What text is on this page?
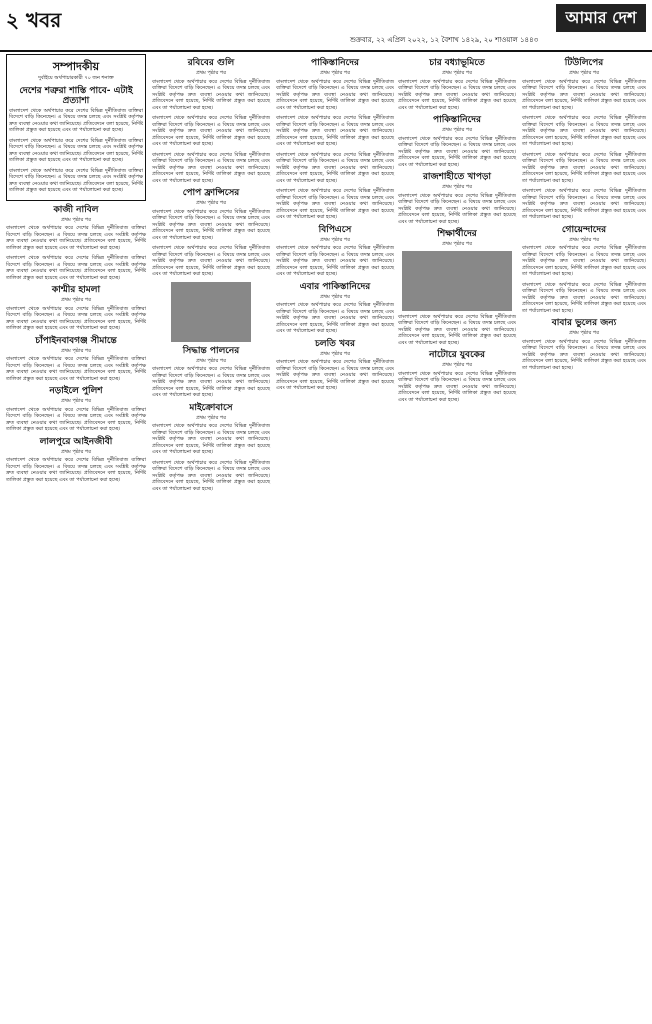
২ খবর
শুক্রবার, ২২ এপ্রিল ২০২২, ১২ বৈশাখ ১৪২৯, ২০ শাওয়াল ১৪৪৩
আমার দেশ
সম্পাদকীয়
দুর্বাইয়ে অর্থপাচারকারী ৭০ জন শনাক্ত
দেশের শত্রুরা শাস্তি পাবে- এটাই প্রত্যাশা

বাংলাদেশ থেকে অর্থপাচার করে দেশের বিভিন্ন দুর্নীতিবাজ ব্যক্তিরা বিদেশে বাড়ি কিনেছেন। এ বিষয়ে তদন্ত চলছে এবং সংশ্লিষ্ট কর্তৃপক্ষ দ্রুত ব্যবস্থা নেওয়ার কথা জানিয়েছে। প্রতিবেদনে বলা হয়েছে, নির্দিষ্ট তালিকা প্রস্তুত করা হয়েছে এবং তা পর্যালোচনা করা হচ্ছে।

বাংলাদেশ থেকে অর্থপাচার করে দেশের বিভিন্ন দুর্নীতিবাজ ব্যক্তিরা বিদেশে বাড়ি কিনেছেন। এ বিষয়ে তদন্ত চলছে এবং সংশ্লিষ্ট কর্তৃপক্ষ দ্রুত ব্যবস্থা নেওয়ার কথা জানিয়েছে। প্রতিবেদনে বলা হয়েছে, নির্দিষ্ট তালিকা প্রস্তুত করা হয়েছে এবং তা পর্যালোচনা করা হচ্ছে।

বাংলাদেশ থেকে অর্থপাচার করে দেশের বিভিন্ন দুর্নীতিবাজ ব্যক্তিরা বিদেশে বাড়ি কিনেছেন। এ বিষয়ে তদন্ত চলছে এবং সংশ্লিষ্ট কর্তৃপক্ষ দ্রুত ব্যবস্থা নেওয়ার কথা জানিয়েছে। প্রতিবেদনে বলা হয়েছে, নির্দিষ্ট তালিকা প্রস্তুত করা হয়েছে এবং তা পর্যালোচনা করা হচ্ছে।

কাজী নাবিল
প্রথম পৃষ্ঠার পর

বাংলাদেশ থেকে অর্থপাচার করে দেশের বিভিন্ন দুর্নীতিবাজ ব্যক্তিরা বিদেশে বাড়ি কিনেছেন। এ বিষয়ে তদন্ত চলছে এবং সংশ্লিষ্ট কর্তৃপক্ষ দ্রুত ব্যবস্থা নেওয়ার কথা জানিয়েছে। প্রতিবেদনে বলা হয়েছে, নির্দিষ্ট তালিকা প্রস্তুত করা হয়েছে এবং তা পর্যালোচনা করা হচ্ছে।

বাংলাদেশ থেকে অর্থপাচার করে দেশের বিভিন্ন দুর্নীতিবাজ ব্যক্তিরা বিদেশে বাড়ি কিনেছেন। এ বিষয়ে তদন্ত চলছে এবং সংশ্লিষ্ট কর্তৃপক্ষ দ্রুত ব্যবস্থা নেওয়ার কথা জানিয়েছে। প্রতিবেদনে বলা হয়েছে, নির্দিষ্ট তালিকা প্রস্তুত করা হয়েছে এবং তা পর্যালোচনা করা হচ্ছে।

কাশ্মীর হামলা
প্রথম পৃষ্ঠার পর

বাংলাদেশ থেকে অর্থপাচার করে দেশের বিভিন্ন দুর্নীতিবাজ ব্যক্তিরা বিদেশে বাড়ি কিনেছেন। এ বিষয়ে তদন্ত চলছে এবং সংশ্লিষ্ট কর্তৃপক্ষ দ্রুত ব্যবস্থা নেওয়ার কথা জানিয়েছে। প্রতিবেদনে বলা হয়েছে, নির্দিষ্ট তালিকা প্রস্তুত করা হয়েছে এবং তা পর্যালোচনা করা হচ্ছে।

চাঁপাইনবাবগঞ্জ সীমান্তে
প্রথম পৃষ্ঠার পর

বাংলাদেশ থেকে অর্থপাচার করে দেশের বিভিন্ন দুর্নীতিবাজ ব্যক্তিরা বিদেশে বাড়ি কিনেছেন। এ বিষয়ে তদন্ত চলছে এবং সংশ্লিষ্ট কর্তৃপক্ষ দ্রুত ব্যবস্থা নেওয়ার কথা জানিয়েছে। প্রতিবেদনে বলা হয়েছে, নির্দিষ্ট তালিকা প্রস্তুত করা হয়েছে এবং তা পর্যালোচনা করা হচ্ছে।

নড়াইলে পুলিশ
প্রথম পৃষ্ঠার পর

বাংলাদেশ থেকে অর্থপাচার করে দেশের বিভিন্ন দুর্নীতিবাজ ব্যক্তিরা বিদেশে বাড়ি কিনেছেন। এ বিষয়ে তদন্ত চলছে এবং সংশ্লিষ্ট কর্তৃপক্ষ দ্রুত ব্যবস্থা নেওয়ার কথা জানিয়েছে। প্রতিবেদনে বলা হয়েছে, নির্দিষ্ট তালিকা প্রস্তুত করা হয়েছে এবং তা পর্যালোচনা করা হচ্ছে।

লালপুরে আইনজীবী
প্রথম পৃষ্ঠার পর

বাংলাদেশ থেকে অর্থপাচার করে দেশের বিভিন্ন দুর্নীতিবাজ ব্যক্তিরা বিদেশে বাড়ি কিনেছেন। এ বিষয়ে তদন্ত চলছে এবং সংশ্লিষ্ট কর্তৃপক্ষ দ্রুত ব্যবস্থা নেওয়ার কথা জানিয়েছে। প্রতিবেদনে বলা হয়েছে, নির্দিষ্ট তালিকা প্রস্তুত করা হয়েছে এবং তা পর্যালোচনা করা হচ্ছে।

রবিবের গুলি
প্রথম পৃষ্ঠার পর

বাংলাদেশ থেকে অর্থপাচার করে দেশের বিভিন্ন দুর্নীতিবাজ ব্যক্তিরা বিদেশে বাড়ি কিনেছেন। এ বিষয়ে তদন্ত চলছে এবং সংশ্লিষ্ট কর্তৃপক্ষ দ্রুত ব্যবস্থা নেওয়ার কথা জানিয়েছে। প্রতিবেদনে বলা হয়েছে, নির্দিষ্ট তালিকা প্রস্তুত করা হয়েছে এবং তা পর্যালোচনা করা হচ্ছে।

বাংলাদেশ থেকে অর্থপাচার করে দেশের বিভিন্ন দুর্নীতিবাজ ব্যক্তিরা বিদেশে বাড়ি কিনেছেন। এ বিষয়ে তদন্ত চলছে এবং সংশ্লিষ্ট কর্তৃপক্ষ দ্রুত ব্যবস্থা নেওয়ার কথা জানিয়েছে। প্রতিবেদনে বলা হয়েছে, নির্দিষ্ট তালিকা প্রস্তুত করা হয়েছে এবং তা পর্যালোচনা করা হচ্ছে।

বাংলাদেশ থেকে অর্থপাচার করে দেশের বিভিন্ন দুর্নীতিবাজ ব্যক্তিরা বিদেশে বাড়ি কিনেছেন। এ বিষয়ে তদন্ত চলছে এবং সংশ্লিষ্ট কর্তৃপক্ষ দ্রুত ব্যবস্থা নেওয়ার কথা জানিয়েছে। প্রতিবেদনে বলা হয়েছে, নির্দিষ্ট তালিকা প্রস্তুত করা হয়েছে এবং তা পর্যালোচনা করা হচ্ছে।

পোপ ফ্রান্সিসের
প্রথম পৃষ্ঠার পর

বাংলাদেশ থেকে অর্থপাচার করে দেশের বিভিন্ন দুর্নীতিবাজ ব্যক্তিরা বিদেশে বাড়ি কিনেছেন। এ বিষয়ে তদন্ত চলছে এবং সংশ্লিষ্ট কর্তৃপক্ষ দ্রুত ব্যবস্থা নেওয়ার কথা জানিয়েছে। প্রতিবেদনে বলা হয়েছে, নির্দিষ্ট তালিকা প্রস্তুত করা হয়েছে এবং তা পর্যালোচনা করা হচ্ছে।

বাংলাদেশ থেকে অর্থপাচার করে দেশের বিভিন্ন দুর্নীতিবাজ ব্যক্তিরা বিদেশে বাড়ি কিনেছেন। এ বিষয়ে তদন্ত চলছে এবং সংশ্লিষ্ট কর্তৃপক্ষ দ্রুত ব্যবস্থা নেওয়ার কথা জানিয়েছে। প্রতিবেদনে বলা হয়েছে, নির্দিষ্ট তালিকা প্রস্তুত করা হয়েছে এবং তা পর্যালোচনা করা হচ্ছে।

সিদ্ধান্ত পালনের
প্রথম পৃষ্ঠার পর

বাংলাদেশ থেকে অর্থপাচার করে দেশের বিভিন্ন দুর্নীতিবাজ ব্যক্তিরা বিদেশে বাড়ি কিনেছেন। এ বিষয়ে তদন্ত চলছে এবং সংশ্লিষ্ট কর্তৃপক্ষ দ্রুত ব্যবস্থা নেওয়ার কথা জানিয়েছে। প্রতিবেদনে বলা হয়েছে, নির্দিষ্ট তালিকা প্রস্তুত করা হয়েছে এবং তা পর্যালোচনা করা হচ্ছে।

মাইক্রোবাসে
প্রথম পৃষ্ঠার পর

বাংলাদেশ থেকে অর্থপাচার করে দেশের বিভিন্ন দুর্নীতিবাজ ব্যক্তিরা বিদেশে বাড়ি কিনেছেন। এ বিষয়ে তদন্ত চলছে এবং সংশ্লিষ্ট কর্তৃপক্ষ দ্রুত ব্যবস্থা নেওয়ার কথা জানিয়েছে। প্রতিবেদনে বলা হয়েছে, নির্দিষ্ট তালিকা প্রস্তুত করা হয়েছে এবং তা পর্যালোচনা করা হচ্ছে।

বাংলাদেশ থেকে অর্থপাচার করে দেশের বিভিন্ন দুর্নীতিবাজ ব্যক্তিরা বিদেশে বাড়ি কিনেছেন। এ বিষয়ে তদন্ত চলছে এবং সংশ্লিষ্ট কর্তৃপক্ষ দ্রুত ব্যবস্থা নেওয়ার কথা জানিয়েছে। প্রতিবেদনে বলা হয়েছে, নির্দিষ্ট তালিকা প্রস্তুত করা হয়েছে এবং তা পর্যালোচনা করা হচ্ছে।

পাকিস্তানিদের
প্রথম পৃষ্ঠার পর

বাংলাদেশ থেকে অর্থপাচার করে দেশের বিভিন্ন দুর্নীতিবাজ ব্যক্তিরা বিদেশে বাড়ি কিনেছেন। এ বিষয়ে তদন্ত চলছে এবং সংশ্লিষ্ট কর্তৃপক্ষ দ্রুত ব্যবস্থা নেওয়ার কথা জানিয়েছে। প্রতিবেদনে বলা হয়েছে, নির্দিষ্ট তালিকা প্রস্তুত করা হয়েছে এবং তা পর্যালোচনা করা হচ্ছে।

বাংলাদেশ থেকে অর্থপাচার করে দেশের বিভিন্ন দুর্নীতিবাজ ব্যক্তিরা বিদেশে বাড়ি কিনেছেন। এ বিষয়ে তদন্ত চলছে এবং সংশ্লিষ্ট কর্তৃপক্ষ দ্রুত ব্যবস্থা নেওয়ার কথা জানিয়েছে। প্রতিবেদনে বলা হয়েছে, নির্দিষ্ট তালিকা প্রস্তুত করা হয়েছে এবং তা পর্যালোচনা করা হচ্ছে।

বাংলাদেশ থেকে অর্থপাচার করে দেশের বিভিন্ন দুর্নীতিবাজ ব্যক্তিরা বিদেশে বাড়ি কিনেছেন। এ বিষয়ে তদন্ত চলছে এবং সংশ্লিষ্ট কর্তৃপক্ষ দ্রুত ব্যবস্থা নেওয়ার কথা জানিয়েছে। প্রতিবেদনে বলা হয়েছে, নির্দিষ্ট তালিকা প্রস্তুত করা হয়েছে এবং তা পর্যালোচনা করা হচ্ছে।

বাংলাদেশ থেকে অর্থপাচার করে দেশের বিভিন্ন দুর্নীতিবাজ ব্যক্তিরা বিদেশে বাড়ি কিনেছেন। এ বিষয়ে তদন্ত চলছে এবং সংশ্লিষ্ট কর্তৃপক্ষ দ্রুত ব্যবস্থা নেওয়ার কথা জানিয়েছে। প্রতিবেদনে বলা হয়েছে, নির্দিষ্ট তালিকা প্রস্তুত করা হয়েছে এবং তা পর্যালোচনা করা হচ্ছে।

বিপিএসে
প্রথম পৃষ্ঠার পর

বাংলাদেশ থেকে অর্থপাচার করে দেশের বিভিন্ন দুর্নীতিবাজ ব্যক্তিরা বিদেশে বাড়ি কিনেছেন। এ বিষয়ে তদন্ত চলছে এবং সংশ্লিষ্ট কর্তৃপক্ষ দ্রুত ব্যবস্থা নেওয়ার কথা জানিয়েছে। প্রতিবেদনে বলা হয়েছে, নির্দিষ্ট তালিকা প্রস্তুত করা হয়েছে এবং তা পর্যালোচনা করা হচ্ছে।

এবার পাকিস্তানিদের
প্রথম পৃষ্ঠার পর

বাংলাদেশ থেকে অর্থপাচার করে দেশের বিভিন্ন দুর্নীতিবাজ ব্যক্তিরা বিদেশে বাড়ি কিনেছেন। এ বিষয়ে তদন্ত চলছে এবং সংশ্লিষ্ট কর্তৃপক্ষ দ্রুত ব্যবস্থা নেওয়ার কথা জানিয়েছে। প্রতিবেদনে বলা হয়েছে, নির্দিষ্ট তালিকা প্রস্তুত করা হয়েছে এবং তা পর্যালোচনা করা হচ্ছে।

চলতি খবর
প্রথম পৃষ্ঠার পর

বাংলাদেশ থেকে অর্থপাচার করে দেশের বিভিন্ন দুর্নীতিবাজ ব্যক্তিরা বিদেশে বাড়ি কিনেছেন। এ বিষয়ে তদন্ত চলছে এবং সংশ্লিষ্ট কর্তৃপক্ষ দ্রুত ব্যবস্থা নেওয়ার কথা জানিয়েছে। প্রতিবেদনে বলা হয়েছে, নির্দিষ্ট তালিকা প্রস্তুত করা হয়েছে এবং তা পর্যালোচনা করা হচ্ছে।

চার বধ্যাভূমিতে
প্রথম পৃষ্ঠার পর

বাংলাদেশ থেকে অর্থপাচার করে দেশের বিভিন্ন দুর্নীতিবাজ ব্যক্তিরা বিদেশে বাড়ি কিনেছেন। এ বিষয়ে তদন্ত চলছে এবং সংশ্লিষ্ট কর্তৃপক্ষ দ্রুত ব্যবস্থা নেওয়ার কথা জানিয়েছে। প্রতিবেদনে বলা হয়েছে, নির্দিষ্ট তালিকা প্রস্তুত করা হয়েছে এবং তা পর্যালোচনা করা হচ্ছে।

পাকিস্তানিদের
প্রথম পৃষ্ঠার পর

বাংলাদেশ থেকে অর্থপাচার করে দেশের বিভিন্ন দুর্নীতিবাজ ব্যক্তিরা বিদেশে বাড়ি কিনেছেন। এ বিষয়ে তদন্ত চলছে এবং সংশ্লিষ্ট কর্তৃপক্ষ দ্রুত ব্যবস্থা নেওয়ার কথা জানিয়েছে। প্রতিবেদনে বলা হয়েছে, নির্দিষ্ট তালিকা প্রস্তুত করা হয়েছে এবং তা পর্যালোচনা করা হচ্ছে।

রাজশাহীতে খাপড়া
প্রথম পৃষ্ঠার পর

বাংলাদেশ থেকে অর্থপাচার করে দেশের বিভিন্ন দুর্নীতিবাজ ব্যক্তিরা বিদেশে বাড়ি কিনেছেন। এ বিষয়ে তদন্ত চলছে এবং সংশ্লিষ্ট কর্তৃপক্ষ দ্রুত ব্যবস্থা নেওয়ার কথা জানিয়েছে। প্রতিবেদনে বলা হয়েছে, নির্দিষ্ট তালিকা প্রস্তুত করা হয়েছে এবং তা পর্যালোচনা করা হচ্ছে।

শিক্ষার্থীদের
প্রথম পৃষ্ঠার পর

বাংলাদেশ থেকে অর্থপাচার করে দেশের বিভিন্ন দুর্নীতিবাজ ব্যক্তিরা বিদেশে বাড়ি কিনেছেন। এ বিষয়ে তদন্ত চলছে এবং সংশ্লিষ্ট কর্তৃপক্ষ দ্রুত ব্যবস্থা নেওয়ার কথা জানিয়েছে। প্রতিবেদনে বলা হয়েছে, নির্দিষ্ট তালিকা প্রস্তুত করা হয়েছে এবং তা পর্যালোচনা করা হচ্ছে।

নাটোরে যুবকের
প্রথম পৃষ্ঠার পর

বাংলাদেশ থেকে অর্থপাচার করে দেশের বিভিন্ন দুর্নীতিবাজ ব্যক্তিরা বিদেশে বাড়ি কিনেছেন। এ বিষয়ে তদন্ত চলছে এবং সংশ্লিষ্ট কর্তৃপক্ষ দ্রুত ব্যবস্থা নেওয়ার কথা জানিয়েছে। প্রতিবেদনে বলা হয়েছে, নির্দিষ্ট তালিকা প্রস্তুত করা হয়েছে এবং তা পর্যালোচনা করা হচ্ছে।

টিউলিপের
প্রথম পৃষ্ঠার পর

বাংলাদেশ থেকে অর্থপাচার করে দেশের বিভিন্ন দুর্নীতিবাজ ব্যক্তিরা বিদেশে বাড়ি কিনেছেন। এ বিষয়ে তদন্ত চলছে এবং সংশ্লিষ্ট কর্তৃপক্ষ দ্রুত ব্যবস্থা নেওয়ার কথা জানিয়েছে। প্রতিবেদনে বলা হয়েছে, নির্দিষ্ট তালিকা প্রস্তুত করা হয়েছে এবং তা পর্যালোচনা করা হচ্ছে।

বাংলাদেশ থেকে অর্থপাচার করে দেশের বিভিন্ন দুর্নীতিবাজ ব্যক্তিরা বিদেশে বাড়ি কিনেছেন। এ বিষয়ে তদন্ত চলছে এবং সংশ্লিষ্ট কর্তৃপক্ষ দ্রুত ব্যবস্থা নেওয়ার কথা জানিয়েছে। প্রতিবেদনে বলা হয়েছে, নির্দিষ্ট তালিকা প্রস্তুত করা হয়েছে এবং তা পর্যালোচনা করা হচ্ছে।

বাংলাদেশ থেকে অর্থপাচার করে দেশের বিভিন্ন দুর্নীতিবাজ ব্যক্তিরা বিদেশে বাড়ি কিনেছেন। এ বিষয়ে তদন্ত চলছে এবং সংশ্লিষ্ট কর্তৃপক্ষ দ্রুত ব্যবস্থা নেওয়ার কথা জানিয়েছে। প্রতিবেদনে বলা হয়েছে, নির্দিষ্ট তালিকা প্রস্তুত করা হয়েছে এবং তা পর্যালোচনা করা হচ্ছে।

বাংলাদেশ থেকে অর্থপাচার করে দেশের বিভিন্ন দুর্নীতিবাজ ব্যক্তিরা বিদেশে বাড়ি কিনেছেন। এ বিষয়ে তদন্ত চলছে এবং সংশ্লিষ্ট কর্তৃপক্ষ দ্রুত ব্যবস্থা নেওয়ার কথা জানিয়েছে। প্রতিবেদনে বলা হয়েছে, নির্দিষ্ট তালিকা প্রস্তুত করা হয়েছে এবং তা পর্যালোচনা করা হচ্ছে।

গোয়েন্দাদের
প্রথম পৃষ্ঠার পর

বাংলাদেশ থেকে অর্থপাচার করে দেশের বিভিন্ন দুর্নীতিবাজ ব্যক্তিরা বিদেশে বাড়ি কিনেছেন। এ বিষয়ে তদন্ত চলছে এবং সংশ্লিষ্ট কর্তৃপক্ষ দ্রুত ব্যবস্থা নেওয়ার কথা জানিয়েছে। প্রতিবেদনে বলা হয়েছে, নির্দিষ্ট তালিকা প্রস্তুত করা হয়েছে এবং তা পর্যালোচনা করা হচ্ছে।

বাংলাদেশ থেকে অর্থপাচার করে দেশের বিভিন্ন দুর্নীতিবাজ ব্যক্তিরা বিদেশে বাড়ি কিনেছেন। এ বিষয়ে তদন্ত চলছে এবং সংশ্লিষ্ট কর্তৃপক্ষ দ্রুত ব্যবস্থা নেওয়ার কথা জানিয়েছে। প্রতিবেদনে বলা হয়েছে, নির্দিষ্ট তালিকা প্রস্তুত করা হয়েছে এবং তা পর্যালোচনা করা হচ্ছে।

বাবার ভুলের জন্য
প্রথম পৃষ্ঠার পর

বাংলাদেশ থেকে অর্থপাচার করে দেশের বিভিন্ন দুর্নীতিবাজ ব্যক্তিরা বিদেশে বাড়ি কিনেছেন। এ বিষয়ে তদন্ত চলছে এবং সংশ্লিষ্ট কর্তৃপক্ষ দ্রুত ব্যবস্থা নেওয়ার কথা জানিয়েছে। প্রতিবেদনে বলা হয়েছে, নির্দিষ্ট তালিকা প্রস্তুত করা হয়েছে এবং তা পর্যালোচনা করা হচ্ছে।
